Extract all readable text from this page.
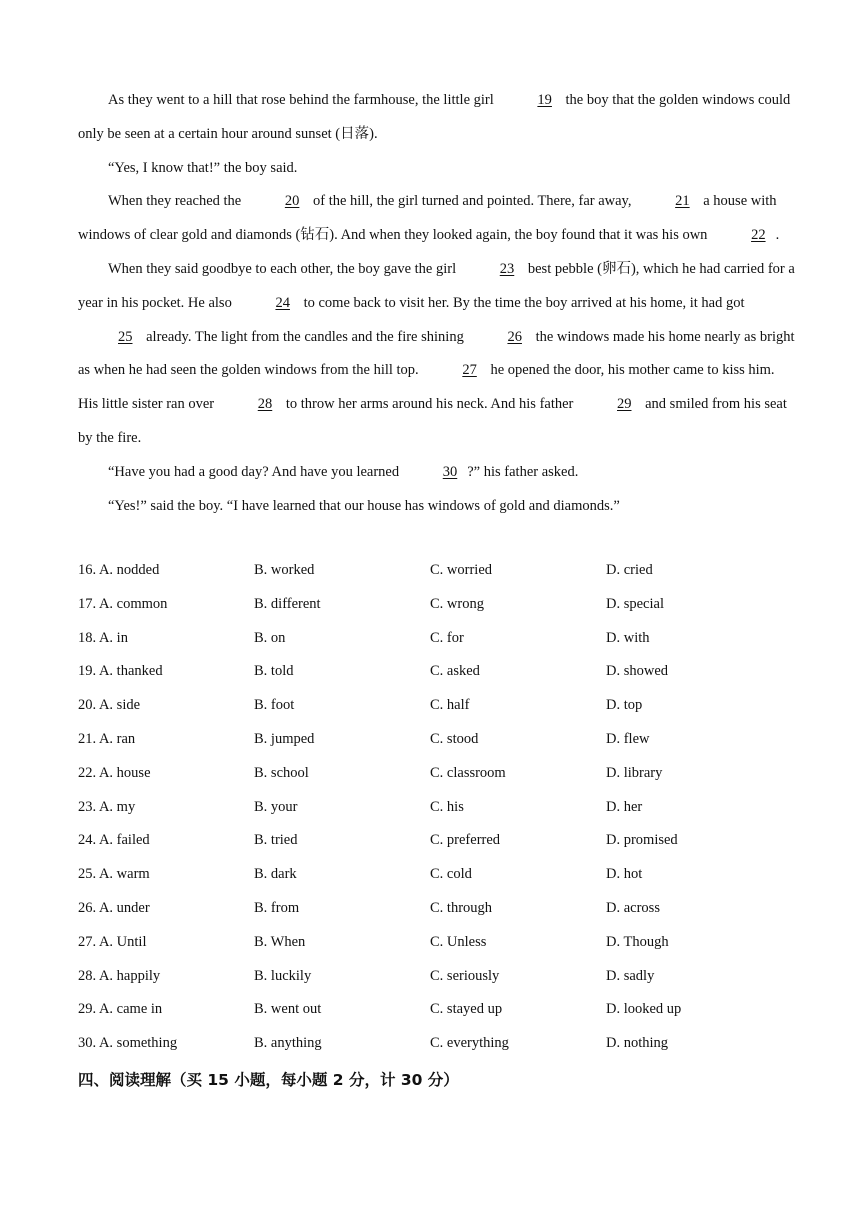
As they went to a hill that rose behind the farmhouse, the little girl	19 the boy that the golden windows could only be seen at a certain hour around sunset (日落).

“Yes, I know that!” the boy said.

When they reached the	20 of the hill, the girl turned and pointed. There, far away,	21 a house with windows of clear gold and diamonds (钻石). And when they looked again, the boy found that it was his own	22 .

When they said goodbye to each other, the boy gave the girl	23 best pebble (卵石), which he had carried for a year in his pocket. He also	24 to come back to visit her. By the time the boy arrived at his home, it had got 25 already. The light from the candles and the fire shining	26 the windows made his home nearly as bright as when he had seen the golden windows from the hill top.	27 he opened the door, his mother came to kiss him. His little sister ran over	28 to throw her arms around his neck. And his father	29 and smiled from his seat by the fire.

“Have you had a good day? And have you learned	30 ?” his father asked.

“Yes!” said the boy. “I have learned that our house has windows of gold and diamonds.”

16. A. nodded	B. worked	C. worried	D. cried
17. A. common	B. different	C. wrong	D. special
18. A. in	B. on	C. for	D. with
19. A. thanked	B. told	C. asked	D. showed
20. A. side	B. foot	C. half	D. top
21. A. ran	B. jumped	C. stood	D. flew
22. A. house	B. school	C. classroom	D. library
23. A. my	B. your	C. his	D. her
24. A. failed	B. tried	C. preferred	D. promised
25. A. warm	B. dark	C. cold	D. hot
26. A. under	B. from	C. through	D. across
27. A. Until	B. When	C. Unless	D. Though
28. A. happily	B. luckily	C. seriously	D. sadly
29. A. came in	B. went out	C. stayed up	D. looked up
30. A. something	B. anything	C. everything	D. nothing
四、阅读理解（买 15 小题，每小题 2 分，计 30 分）
